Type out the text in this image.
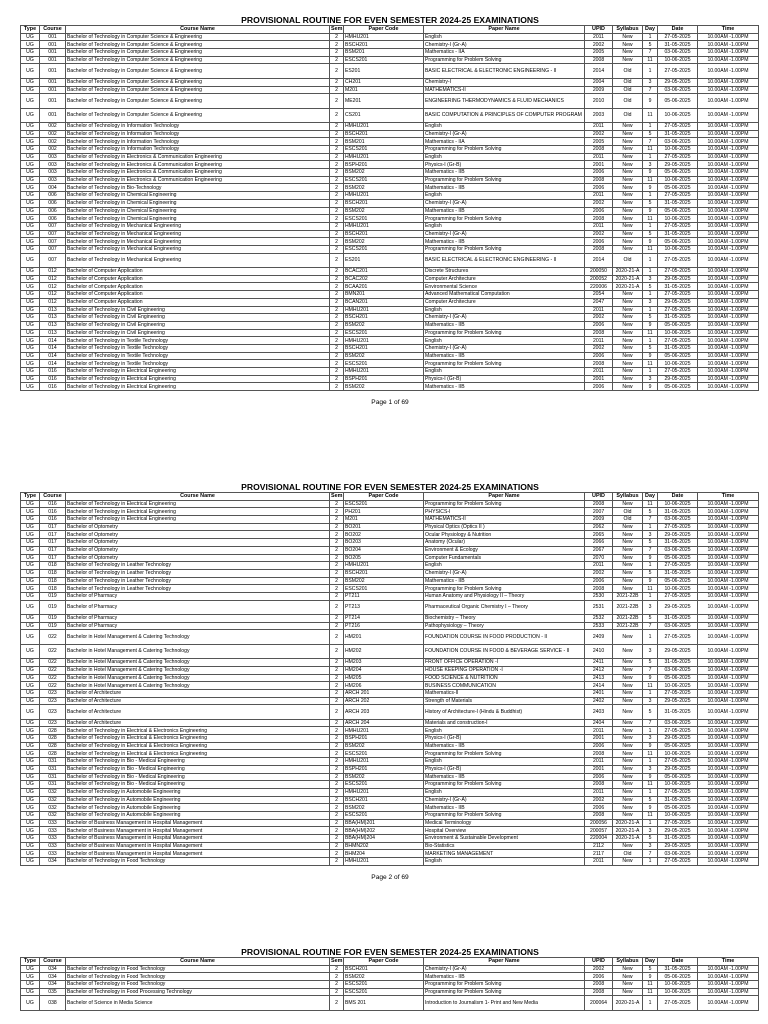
PROVISIONAL ROUTINE FOR EVEN SEMESTER 2024-25 EXAMINATIONS
Type	Course	Course Name	Sem	Paper Code	Paper Name	UPID	Syllabus	Day	Date	Time
UG	001	Bachelor of Technology in Computer Science & Engineering	2	HMHU201	English	2011	New	1	27-05-2025	10.00AM -1.00PM
UG	001	Bachelor of Technology in Computer Science & Engineering	2	BSCH201	Chemistry-I (Gr-A)	2002	New	5	31-05-2025	10.00AM -1.00PM
UG	001	Bachelor of Technology in Computer Science & Engineering	2	BSM201	Mathematics - IIA	2005	New	7	03-06-2025	10.00AM -1.00PM
UG	001	Bachelor of Technology in Computer Science & Engineering	2	ESCS201	Programming for Problem Solving	2008	New	11	10-06-2025	10.00AM -1.00PM
UG	001	Bachelor of Technology in Computer Science & Engineering	2	ES201	BASIC ELECTRICAL & ELECTRONIC ENGINEERING - II	2014	Old	1	27-05-2025	10.00AM -1.00PM
UG	001	Bachelor of Technology in Computer Science & Engineering	2	CH201	Chemistry-I	2004	Old	3	29-05-2025	10.00AM -1.00PM
UG	001	Bachelor of Technology in Computer Science & Engineering	2	M201	MATHEMATICS-II	2009	Old	7	03-06-2025	10.00AM -1.00PM
UG	001	Bachelor of Technology in Computer Science & Engineering	2	ME201	ENGINEERING THERMODYNAMICS & FLUID MECHANICS	2010	Old	9	05-06-2025	10.00AM -1.00PM
UG	001	Bachelor of Technology in Computer Science & Engineering	2	CS201	BASIC COMPUTATION & PRINCIPLES OF COMPUTER PROGRAM	2003	Old	11	10-06-2025	10.00AM -1.00PM
UG	002	Bachelor of Technology in Information Technology	2	HMHU201	English	2011	New	1	27-05-2025	10.00AM -1.00PM
UG	002	Bachelor of Technology in Information Technology	2	BSCH201	Chemistry-I (Gr-A)	2002	New	5	31-05-2025	10.00AM -1.00PM
UG	002	Bachelor of Technology in Information Technology	2	BSM201	Mathematics - IIA	2005	New	7	03-06-2025	10.00AM -1.00PM
UG	002	Bachelor of Technology in Information Technology	2	ESCS201	Programming for Problem Solving	2008	New	11	10-06-2025	10.00AM -1.00PM
UG	003	Bachelor of Technology in Electronics & Communication Engineering	2	HMHU201	English	2011	New	1	27-05-2025	10.00AM -1.00PM
UG	003	Bachelor of Technology in Electronics & Communication Engineering	2	BSPH201	Physics-I (Gr-B)	2001	New	3	29-05-2025	10.00AM -1.00PM
UG	003	Bachelor of Technology in Electronics & Communication Engineering	2	BSM202	Mathematics - IIB	2006	New	9	05-06-2025	10.00AM -1.00PM
UG	003	Bachelor of Technology in Electronics & Communication Engineering	2	ESCS201	Programming for Problem Solving	2008	New	11	10-06-2025	10.00AM -1.00PM
UG	004	Bachelor of Technology in Bio-Technology	2	BSM202	Mathematics - IIB	2006	New	9	05-06-2025	10.00AM -1.00PM
UG	006	Bachelor of Technology in Chemical Engineering	2	HMHU201	English	2011	New	1	27-05-2025	10.00AM -1.00PM
UG	006	Bachelor of Technology in Chemical Engineering	2	BSCH201	Chemistry-I (Gr-A)	2002	New	5	31-05-2025	10.00AM -1.00PM
UG	006	Bachelor of Technology in Chemical Engineering	2	BSM202	Mathematics - IIB	2006	New	9	05-06-2025	10.00AM -1.00PM
UG	006	Bachelor of Technology in Chemical Engineering	2	ESCS201	Programming for Problem Solving	2008	New	11	10-06-2025	10.00AM -1.00PM
UG	007	Bachelor of Technology in Mechanical Engineering	2	HMHU201	English	2011	New	1	27-05-2025	10.00AM -1.00PM
UG	007	Bachelor of Technology in Mechanical Engineering	2	BSCH201	Chemistry-I (Gr-A)	2002	New	5	31-05-2025	10.00AM -1.00PM
UG	007	Bachelor of Technology in Mechanical Engineering	2	BSM202	Mathematics - IIB	2006	New	9	05-06-2025	10.00AM -1.00PM
UG	007	Bachelor of Technology in Mechanical Engineering	2	ESCS201	Programming for Problem Solving	2008	New	11	10-06-2025	10.00AM -1.00PM
UG	007	Bachelor of Technology in Mechanical Engineering	2	ES201	BASIC ELECTRICAL & ELECTRONIC ENGINEERING - II	2014	Old	1	27-05-2025	10.00AM -1.00PM
UG	012	Bachelor of Computer Application	2	BCAC201	Discrete Structures	200050	2020-21-A	1	27-05-2025	10.00AM -1.00PM
UG	012	Bachelor of Computer Application	2	BCAC202	Computer Architecture	200052	2020-21-A	3	29-05-2025	10.00AM -1.00PM
UG	012	Bachelor of Computer Application	2	BCAA201	Environmental Science	220006	2020-21-A	5	31-05-2025	10.00AM -1.00PM
UG	012	Bachelor of Computer Application	2	BMN201	Advanced Mathematical Computation	2054	New	1	27-05-2025	10.00AM -1.00PM
UG	012	Bachelor of Computer Application	2	BCAN201	Computer Architecture	2047	New	3	29-05-2025	10.00AM -1.00PM
UG	013	Bachelor of Technology in Civil Engineering	2	HMHU201	English	2011	New	1	27-05-2025	10.00AM -1.00PM
UG	013	Bachelor of Technology in Civil Engineering	2	BSCH201	Chemistry-I (Gr-A)	2002	New	5	31-05-2025	10.00AM -1.00PM
UG	013	Bachelor of Technology in Civil Engineering	2	BSM202	Mathematics - IIB	2006	New	9	05-06-2025	10.00AM -1.00PM
UG	013	Bachelor of Technology in Civil Engineering	2	ESCS201	Programming for Problem Solving	2008	New	11	10-06-2025	10.00AM -1.00PM
UG	014	Bachelor of Technology in Textile Technology	2	HMHU201	English	2011	New	1	27-05-2025	10.00AM -1.00PM
UG	014	Bachelor of Technology in Textile Technology	2	BSCH201	Chemistry-I (Gr-A)	2002	New	5	31-05-2025	10.00AM -1.00PM
UG	014	Bachelor of Technology in Textile Technology	2	BSM202	Mathematics - IIB	2006	New	9	05-06-2025	10.00AM -1.00PM
UG	014	Bachelor of Technology in Textile Technology	2	ESCS201	Programming for Problem Solving	2008	New	11	10-06-2025	10.00AM -1.00PM
UG	016	Bachelor of Technology in Electrical Engineering	2	HMHU201	English	2011	New	1	27-05-2025	10.00AM -1.00PM
UG	016	Bachelor of Technology in Electrical Engineering	2	BSPH201	Physics-I (Gr-B)	2001	New	3	29-05-2025	10.00AM -1.00PM
UG	016	Bachelor of Technology in Electrical Engineering	2	BSM202	Mathematics - IIB	2006	New	9	05-06-2025	10.00AM -1.00PM
Page 1 of 69
PROVISIONAL ROUTINE FOR EVEN SEMESTER 2024-25 EXAMINATIONS
Type	Course	Course Name	Sem	Paper Code	Paper Name	UPID	Syllabus	Day	Date	Time
UG	016	Bachelor of Technology in Electrical Engineering	2	ESCS201	Programming for Problem Solving	2008	New	11	10-06-2025	10.00AM -1.00PM
UG	016	Bachelor of Technology in Electrical Engineering	2	PH201	PHYSICS-I	2007	Old	5	31-05-2025	10.00AM -1.00PM
UG	016	Bachelor of Technology in Electrical Engineering	2	M201	MATHEMATICS-II	2009	Old	7	03-06-2025	10.00AM -1.00PM
UG	017	Bachelor of Optometry	2	BO201	Physical Optics (Optics II )	2062	New	1	27-05-2025	10.00AM -1.00PM
UG	017	Bachelor of Optometry	2	BO202	Ocular Physiology & Nutrition	2065	New	3	29-05-2025	10.00AM -1.00PM
UG	017	Bachelor of Optometry	2	BO203	Anatomy (Ocular)	2066	New	5	31-05-2025	10.00AM -1.00PM
UG	017	Bachelor of Optometry	2	BO204	Environment & Ecology	2067	New	7	03-06-2025	10.00AM -1.00PM
UG	017	Bachelor of Optometry	2	BO205	Computer Fundamentals	2070	New	9	05-06-2025	10.00AM -1.00PM
UG	018	Bachelor of Technology in Leather Technology	2	HMHU201	English	2011	New	1	27-05-2025	10.00AM -1.00PM
UG	018	Bachelor of Technology in Leather Technology	2	BSCH201	Chemistry-I (Gr-A)	2002	New	5	31-05-2025	10.00AM -1.00PM
UG	018	Bachelor of Technology in Leather Technology	2	BSM202	Mathematics - IIB	2006	New	9	05-06-2025	10.00AM -1.00PM
UG	018	Bachelor of Technology in Leather Technology	2	ESCS201	Programming for Problem Solving	2008	New	11	10-06-2025	10.00AM -1.00PM
UG	019	Bachelor of Pharmacy	2	PT211	Human Anatomy and Physiology II – Theory	2530	2021-22B	1	27-05-2025	10.00AM -1.00PM
UG	019	Bachelor of Pharmacy	2	PT213	Pharmaceutical Organic Chemistry I – Theory	2531	2021-22B	3	29-05-2025	10.00AM -1.00PM
UG	019	Bachelor of Pharmacy	2	PT214	Biochemistry – Theory	2532	2021-22B	5	31-05-2025	10.00AM -1.00PM
UG	019	Bachelor of Pharmacy	2	PT216	Pathophysiology – Theory	2533	2021-22B	7	03-06-2025	10.00AM -1.00PM
UG	022	Bachelor in Hotel Management & Catering Technology	2	HM201	FOUNDATION COURSE IN FOOD PRODUCTION - II	2409	New	1	27-05-2025	10.00AM -1.00PM
UG	022	Bachelor in Hotel Management & Catering Technology	2	HM202	FOUNDATION COURSE IN FOOD & BEVERAGE SERVICE - II	2410	New	3	29-05-2025	10.00AM -1.00PM
UG	022	Bachelor in Hotel Management & Catering Technology	2	HM203	FRONT OFFICE OPERATION -I	2411	New	5	31-05-2025	10.00AM -1.00PM
UG	022	Bachelor in Hotel Management & Catering Technology	2	HM204	HOUSE KEEPING OPERATION -I	2412	New	7	03-06-2025	10.00AM -1.00PM
UG	022	Bachelor in Hotel Management & Catering Technology	2	HM205	FOOD SCIENCE & NUTRITION	2413	New	9	05-06-2025	10.00AM -1.00PM
UG	022	Bachelor in Hotel Management & Catering Technology	2	HM206	BUSINESS COMMUNICATION	2414	New	11	10-06-2025	10.00AM -1.00PM
UG	023	Bachelor of Architecture	2	ARCH 201	Mathematics-II	2401	New	1	27-05-2025	10.00AM -1.00PM
UG	023	Bachelor of Architecture	2	ARCH 202	Strength of Materials	2402	New	3	29-05-2025	10.00AM -1.00PM
UG	023	Bachelor of Architecture	2	ARCH 203	History of Architecture-I (Hindu & Buddhist)	2403	New	5	31-05-2025	10.00AM -1.00PM
UG	023	Bachelor of Architecture	2	ARCH 204	Materials and construction-I	2404	New	7	03-06-2025	10.00AM -1.00PM
UG	028	Bachelor of Technology in Electrical & Electronics Engineering	2	HMHU201	English	2011	New	1	27-05-2025	10.00AM -1.00PM
UG	028	Bachelor of Technology in Electrical & Electronics Engineering	2	BSPH201	Physics-I (Gr-B)	2001	New	3	29-05-2025	10.00AM -1.00PM
UG	028	Bachelor of Technology in Electrical & Electronics Engineering	2	BSM202	Mathematics - IIB	2006	New	9	05-06-2025	10.00AM -1.00PM
UG	028	Bachelor of Technology in Electrical & Electronics Engineering	2	ESCS201	Programming for Problem Solving	2008	New	11	10-06-2025	10.00AM -1.00PM
UG	031	Bachelor of Technology in Bio - Medical Engineering	2	HMHU201	English	2011	New	1	27-05-2025	10.00AM -1.00PM
UG	031	Bachelor of Technology in Bio - Medical Engineering	2	BSPH201	Physics-I (Gr-B)	2001	New	3	29-05-2025	10.00AM -1.00PM
UG	031	Bachelor of Technology in Bio - Medical Engineering	2	BSM202	Mathematics - IIB	2006	New	9	05-06-2025	10.00AM -1.00PM
UG	031	Bachelor of Technology in Bio - Medical Engineering	2	ESCS201	Programming for Problem Solving	2008	New	11	10-06-2025	10.00AM -1.00PM
UG	032	Bachelor of Technology in Automobile Engineering	2	HMHU201	English	2011	New	1	27-05-2025	10.00AM -1.00PM
UG	032	Bachelor of Technology in Automobile Engineering	2	BSCH201	Chemistry-I (Gr-A)	2002	New	5	31-05-2025	10.00AM -1.00PM
UG	032	Bachelor of Technology in Automobile Engineering	2	BSM202	Mathematics - IIB	2006	New	9	05-06-2025	10.00AM -1.00PM
UG	032	Bachelor of Technology in Automobile Engineering	2	ESCS201	Programming for Problem Solving	2008	New	11	10-06-2025	10.00AM -1.00PM
UG	033	Bachelor of Business Management in Hospital Management	2	BBA(HM)201	Medical Terminology	200056	2020-21-A	1	27-05-2025	10.00AM -1.00PM
UG	033	Bachelor of Business Management in Hospital Management	2	BBA(HM)202	Hospital Overview	200057	2020-21-A	3	29-05-2025	10.00AM -1.00PM
UG	033	Bachelor of Business Management in Hospital Management	2	BBA(HM)204	Environment & Sustainable Development	220004	2020-21-A	5	31-05-2025	10.00AM -1.00PM
UG	033	Bachelor of Business Management in Hospital Management	2	BHMN202	Bio-Statistics	2112	New	3	29-05-2025	10.00AM -1.00PM
UG	033	Bachelor of Business Management in Hospital Management	2	BHM204	MARKETING MANAGEMENT	2117	Old	7	03-06-2025	10.00AM -1.00PM
UG	034	Bachelor of Technology in Food Technology	2	HMHU201	English	2011	New	1	27-05-2025	10.00AM -1.00PM
Page 2 of 69
PROVISIONAL ROUTINE FOR EVEN SEMESTER 2024-25 EXAMINATIONS
Type	Course	Course Name	Sem	Paper Code	Paper Name	UPID	Syllabus	Day	Date	Time
UG	034	Bachelor of Technology in Food Technology	2	BSCH201	Chemistry-I (Gr-A)	2002	New	5	31-05-2025	10.00AM -1.00PM
UG	034	Bachelor of Technology in Food Technology	2	BSM202	Mathematics - IIB	2006	New	9	05-06-2025	10.00AM -1.00PM
UG	034	Bachelor of Technology in Food Technology	2	ESCS201	Programming for Problem Solving	2008	New	11	10-06-2025	10.00AM -1.00PM
UG	035	Bachelor of Technology in Food Processing Technology	2	ESCS201	Programming for Problem Solving	2008	New	11	10-06-2025	10.00AM -1.00PM
UG	038	Bachelor of Science in Media Science	2	BMS 201	Introduction to Journalism 1- Print and New Media	200064	2020-21-A	1	27-05-2025	10.00AM -1.00PM
